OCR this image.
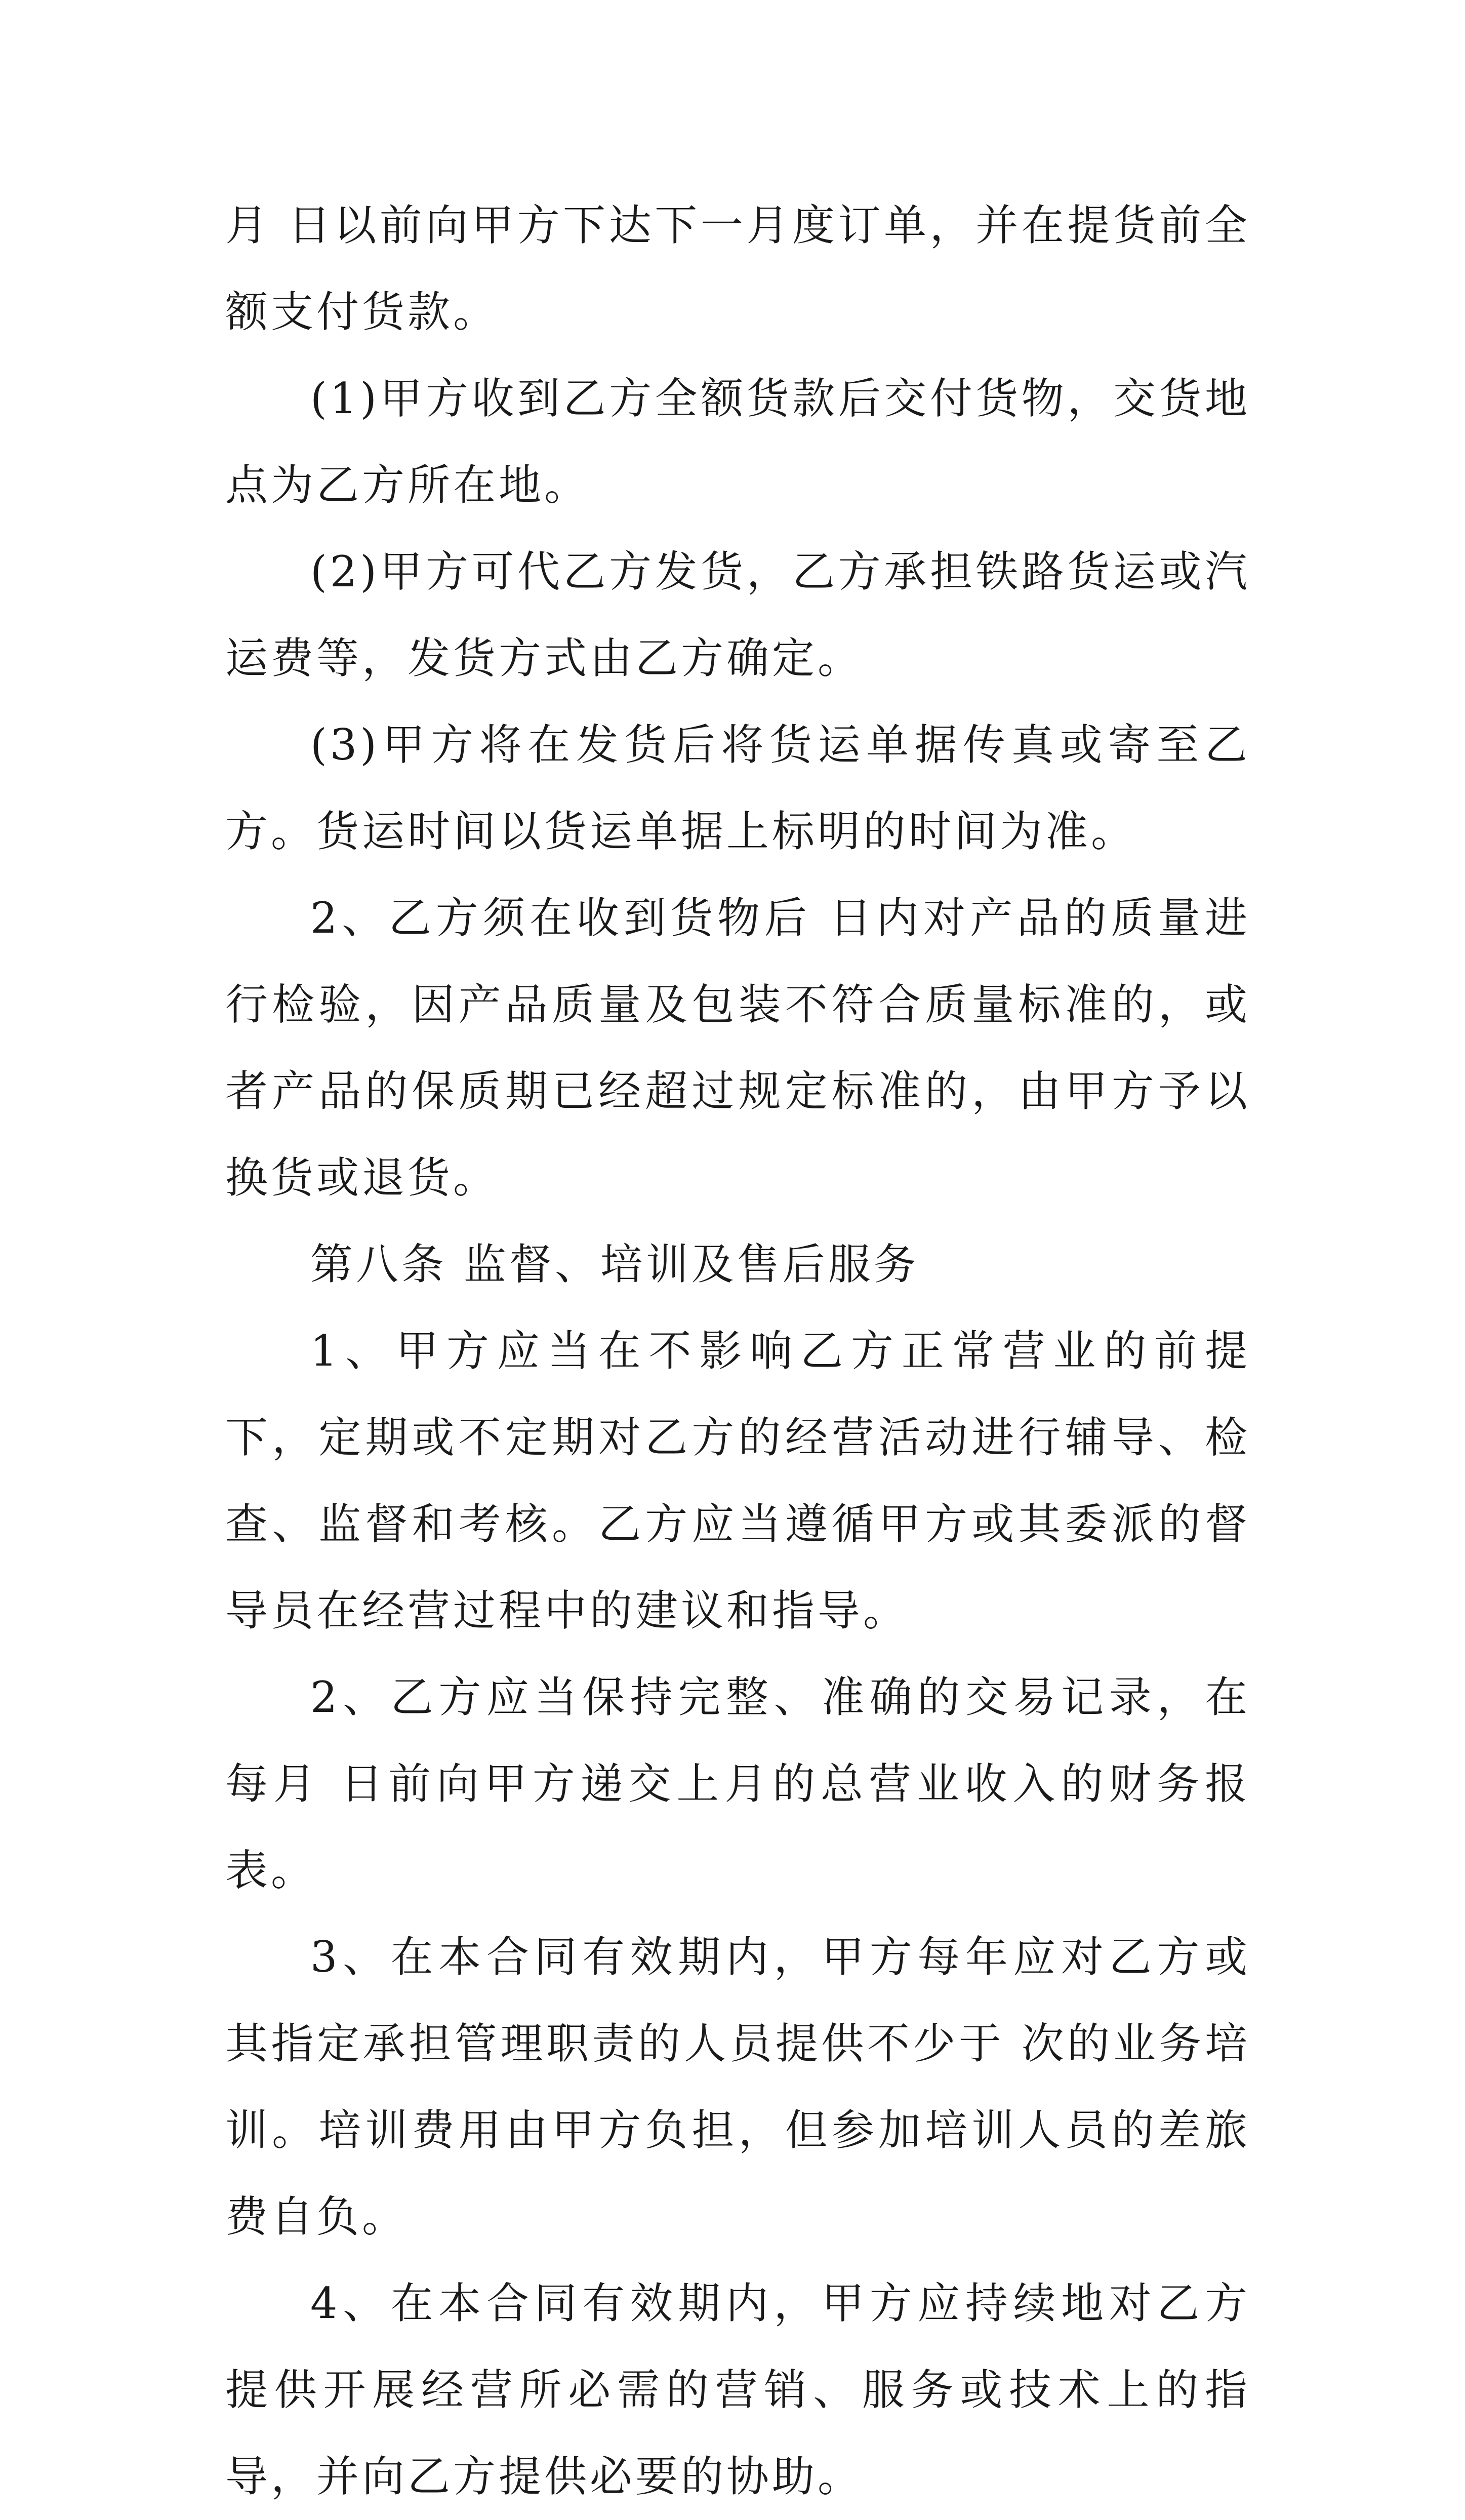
月 日以前向甲方下达下一月度订单，并在提货前全额支付货款。

(1)甲方收到乙方全额货款后交付货物，交货地点为乙方所在地。

(2)甲方可代乙方发货，乙方承担铁路货运或汽运费等，发货方式由乙方确定。

(3)甲方将在发货后将货运单据传真或寄至乙方。货运时间以货运单据上标明的时间为准。

2、乙方须在收到货物后 日内对产品的质量进行检验，因产品质量及包装不符合质量标准的，或者产品的保质期已经超过规定标准的，由甲方予以换货或退货。

第八条 监督、培训及售后服务

1、甲方应当在不影响乙方正常营业的前提下，定期或不定期对乙方的经营活动进行辅导、检查、监督和考核。乙方应当遵循甲方或其委派的督导员在经营过程中的建议和指导。

2、乙方应当保持完整、准确的交易记录，在每月 日前向甲方递交上月的总营业收入的财务报表。

3、在本合同有效期内，甲方每年应对乙方或其指定承担管理职责的人员提供不少于 次的业务培训。培训费用由甲方负担，但参加培训人员的差旅费自负。

4、在本合同有效期内，甲方应持续地对乙方提供开展经营所必需的营销、服务或技术上的指导，并向乙方提供必要的协助。
